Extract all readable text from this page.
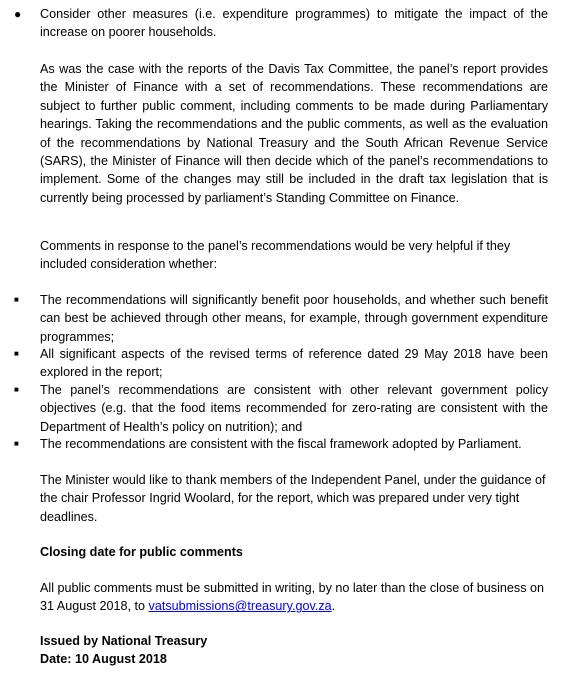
●	Consider other measures (i.e. expenditure programmes) to mitigate the impact of the increase on poorer households.
As was the case with the reports of the Davis Tax Committee, the panel’s report provides the Minister of Finance with a set of recommendations. These recommendations are subject to further public comment, including comments to be made during Parliamentary hearings. Taking the recommendations and the public comments, as well as the evaluation of the recommendations by National Treasury and the South African Revenue Service (SARS), the Minister of Finance will then decide which of the panel’s recommendations to implement. Some of the changes may still be included in the draft tax legislation that is currently being processed by parliament’s Standing Committee on Finance.
Comments in response to the panel’s recommendations would be very helpful if they included consideration whether:
■	The recommendations will significantly benefit poor households, and whether such benefit can best be achieved through other means, for example, through government expenditure programmes;
■	All significant aspects of the revised terms of reference dated 29 May 2018 have been explored in the report;
■	The panel’s recommendations are consistent with other relevant government policy objectives (e.g. that the food items recommended for zero-rating are consistent with the Department of Health’s policy on nutrition); and
■	The recommendations are consistent with the fiscal framework adopted by Parliament.
The Minister would like to thank members of the Independent Panel, under the guidance of the chair Professor Ingrid Woolard, for the report, which was prepared under very tight deadlines.
Closing date for public comments
All public comments must be submitted in writing, by no later than the close of business on 31 August 2018, to vatsubmissions@treasury.gov.za.
Issued by National Treasury
Date: 10 August 2018
